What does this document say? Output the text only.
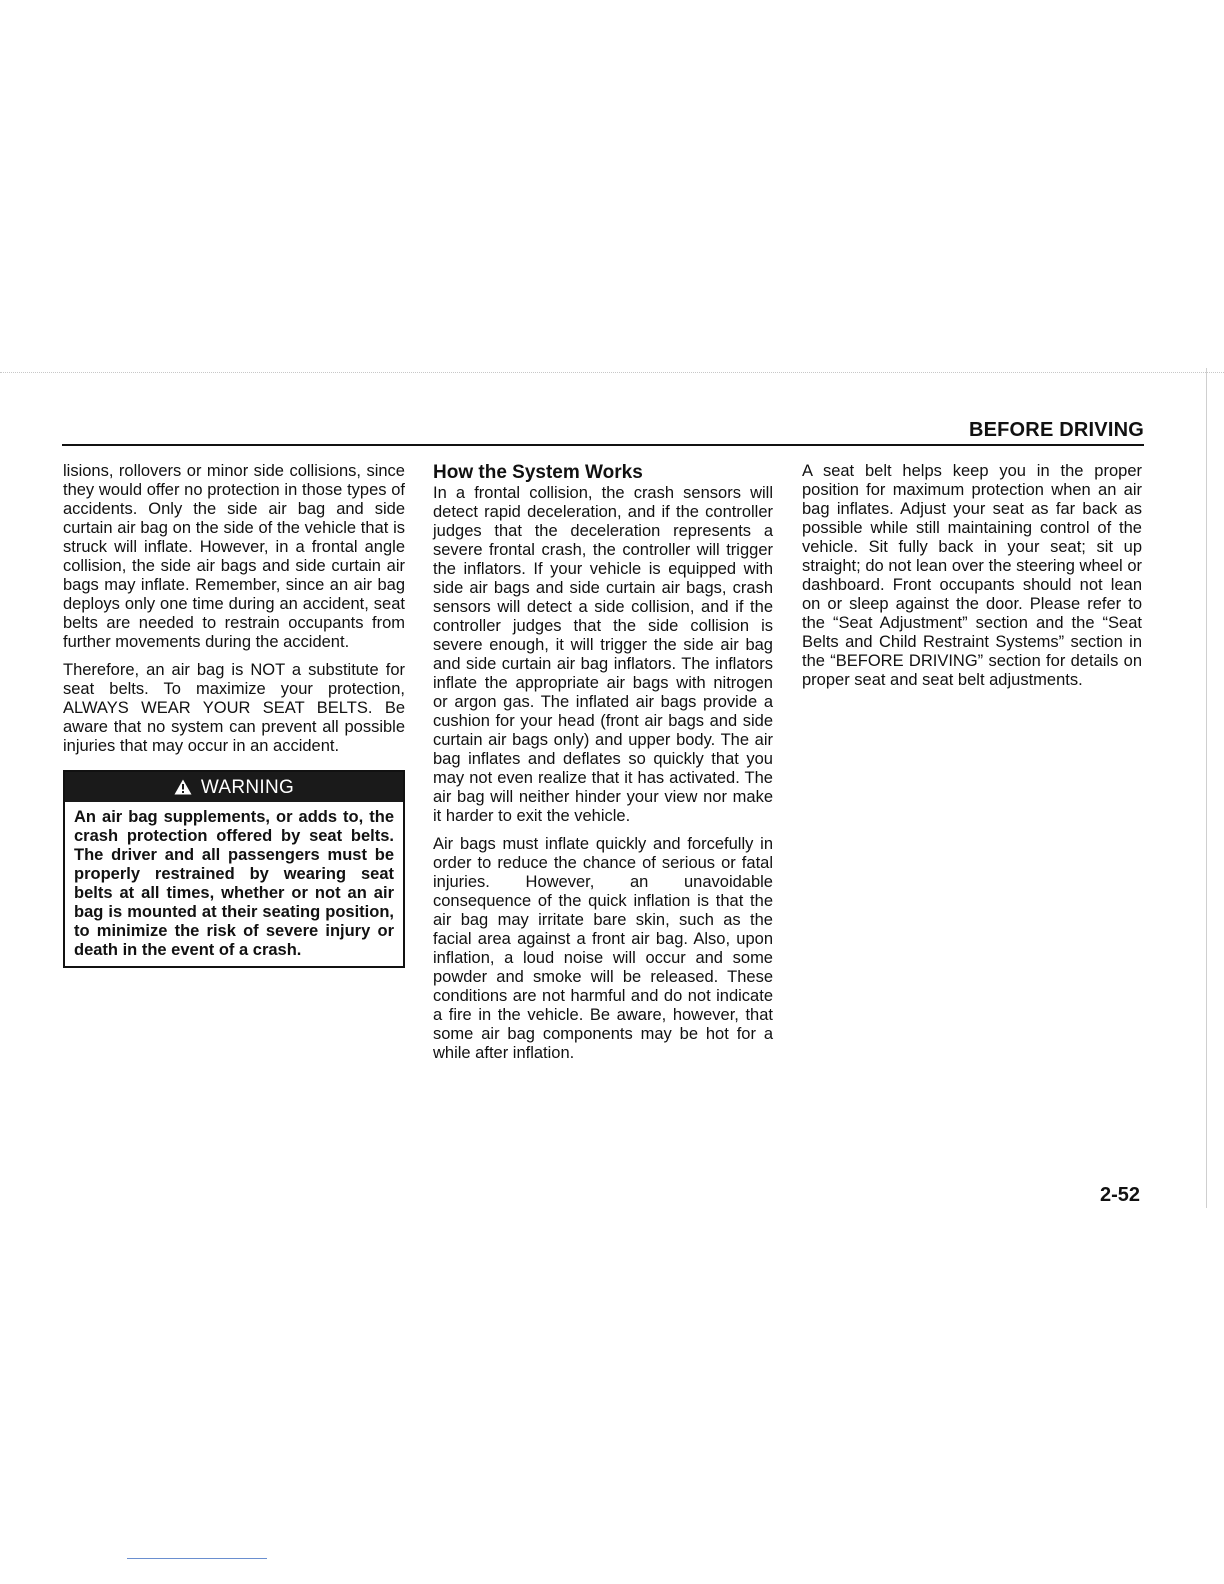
BEFORE DRIVING

lisions, rollovers or minor side collisions, since they would offer no protection in those types of accidents. Only the side air bag and side curtain air bag on the side of the vehicle that is struck will inflate. However, in a frontal angle collision, the side air bags and side curtain air bags may inflate. Remember, since an air bag deploys only one time during an accident, seat belts are needed to restrain occupants from further movements during the accident.

Therefore, an air bag is NOT a substitute for seat belts. To maximize your protection, ALWAYS WEAR YOUR SEAT BELTS. Be aware that no system can prevent all possible injuries that may occur in an accident.

WARNING
An air bag supplements, or adds to, the crash protection offered by seat belts. The driver and all passengers must be properly restrained by wearing seat belts at all times, whether or not an air bag is mounted at their seating position, to minimize the risk of severe injury or death in the event of a crash.
How the System Works

In a frontal collision, the crash sensors will detect rapid deceleration, and if the controller judges that the deceleration represents a severe frontal crash, the controller will trigger the inflators. If your vehicle is equipped with side air bags and side curtain air bags, crash sensors will detect a side collision, and if the controller judges that the side collision is severe enough, it will trigger the side air bag and side curtain air bag inflators. The inflators inflate the appropriate air bags with nitrogen or argon gas. The inflated air bags provide a cushion for your head (front air bags and side curtain air bags only) and upper body. The air bag inflates and deflates so quickly that you may not even realize that it has activated. The air bag will neither hinder your view nor make it harder to exit the vehicle.

Air bags must inflate quickly and forcefully in order to reduce the chance of serious or fatal injuries. However, an unavoidable consequence of the quick inflation is that the air bag may irritate bare skin, such as the facial area against a front air bag. Also, upon inflation, a loud noise will occur and some powder and smoke will be released. These conditions are not harmful and do not indicate a fire in the vehicle. Be aware, however, that some air bag components may be hot for a while after inflation.

A seat belt helps keep you in the proper position for maximum protection when an air bag inflates. Adjust your seat as far back as possible while still maintaining control of the vehicle. Sit fully back in your seat; sit up straight; do not lean over the steering wheel or dashboard. Front occupants should not lean on or sleep against the door. Please refer to the “Seat Adjustment” section and the “Seat Belts and Child Restraint Systems” section in the “BEFORE DRIVING” section for details on proper seat and seat belt adjustments.

2-52
